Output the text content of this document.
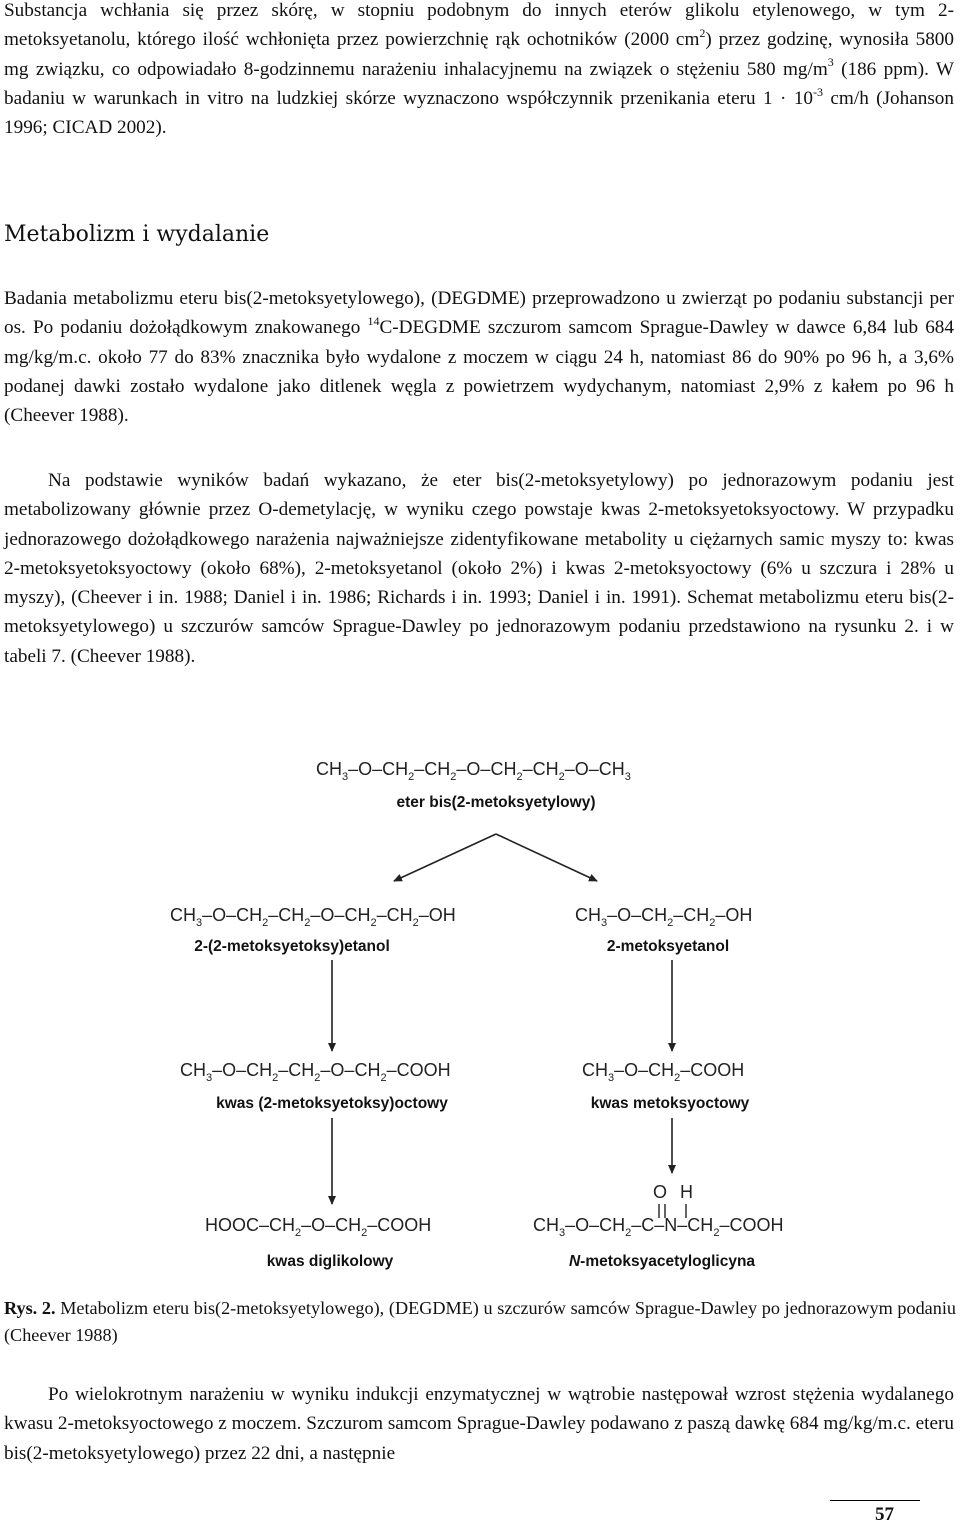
Substancja wchłania się przez skórę, w stopniu podobnym do innych eterów glikolu etylenowego, w tym 2-metoksyetanolu, którego ilość wchłonięta przez powierzchnię rąk ochotników (2000 $cm^2$) przez godzinę, wynosiła 5800 mg związku, co odpowiadało 8-godzinnemu narażeniu inhalacyjnemu na związek o stężeniu 580 $mg/m^3$ (186 ppm). W badaniu w warunkach in vitro na ludzkiej skórze wyznaczono współczynnik przenikania eteru $1 \cdot 10^{-3}$ cm/h (Johanson 1996; CICAD 2002).

Metabolizm i wydalanie

Badania metabolizmu eteru bis(2-metoksyetylowego), (DEGDME) przeprowadzono u zwierząt po podaniu substancji per os. Po podaniu dożołądkowym znakowanego $^{14}$C-DEGDME szczurom samcom Sprague-Dawley w dawce 6,84 lub 684 mg/kg/m.c. około 77 do 83% znacznika było wydalone z moczem w ciągu 24 h, natomiast 86 do 90% po 96 h, a 3,6% podanej dawki zostało wydalone jako ditlenek węgla z powietrzem wydychanym, natomiast 2,9% z kałem po 96 h (Cheever 1988).

Na podstawie wyników badań wykazano, że eter bis(2-metoksyetylowy) po jednorazowym podaniu jest metabolizowany głównie przez O-demetylację, w wyniku czego powstaje kwas 2-metoksyetoksyoctowy. W przypadku jednorazowego dożołądkowego narażenia najważniejsze zidentyfikowane metabolity u ciężarnych samic myszy to: kwas 2-metoksyetoksyoctowy (około 68%), 2-metoksyetanol (około 2%) i kwas 2-metoksyoctowy (6% u szczura i 28% u myszy), (Cheever i in. 1988; Daniel i in. 1986; Richards i in. 1993; Daniel i in. 1991). Schemat metabolizmu eteru bis(2-metoksyetylowego) u szczurów samców Sprague-Dawley po jednorazowym podaniu przedstawiono na rysunku 2. i w tabeli 7. (Cheever 1988).

$CH_3-O-CH_2-CH_2-O-CH_2-CH_2-O-CH_3$
eter bis(2-metoksyetylowy)
$CH_3-O-CH_2-CH_2-O-CH_2-CH_2-OH$
2-(2-metoksyetoksy)etanol
$CH_3-O-CH_2-CH_2-OH$
2-metoksyetanol
$CH_3-O-CH_2-CH_2-O-CH_2$–COOH
kwas (2-metoksyetoksy)octowy
$CH_3-O-CH_2$–COOH
kwas metoksyoctowy
HOOC–$CH_2-O-CH_2$–COOH
kwas diglikolowy
O H
$CH_3-O-CH_2-C-N-CH_2$–COOH
N-metoksyacetyloglicyna

Rys. 2. Metabolizm eteru bis(2-metoksyetylowego), (DEGDME) u szczurów samców Sprague-Dawley po jednorazowym podaniu (Cheever 1988)

Po wielokrotnym narażeniu w wyniku indukcji enzymatycznej w wątrobie następował wzrost stężenia wydalanego kwasu 2-metoksyoctowego z moczem. Szczurom samcom Sprague-Dawley podawano z paszą dawkę 684 mg/kg/m.c. eteru bis(2-metoksyetylowego) przez 22 dni, a następnie

57
